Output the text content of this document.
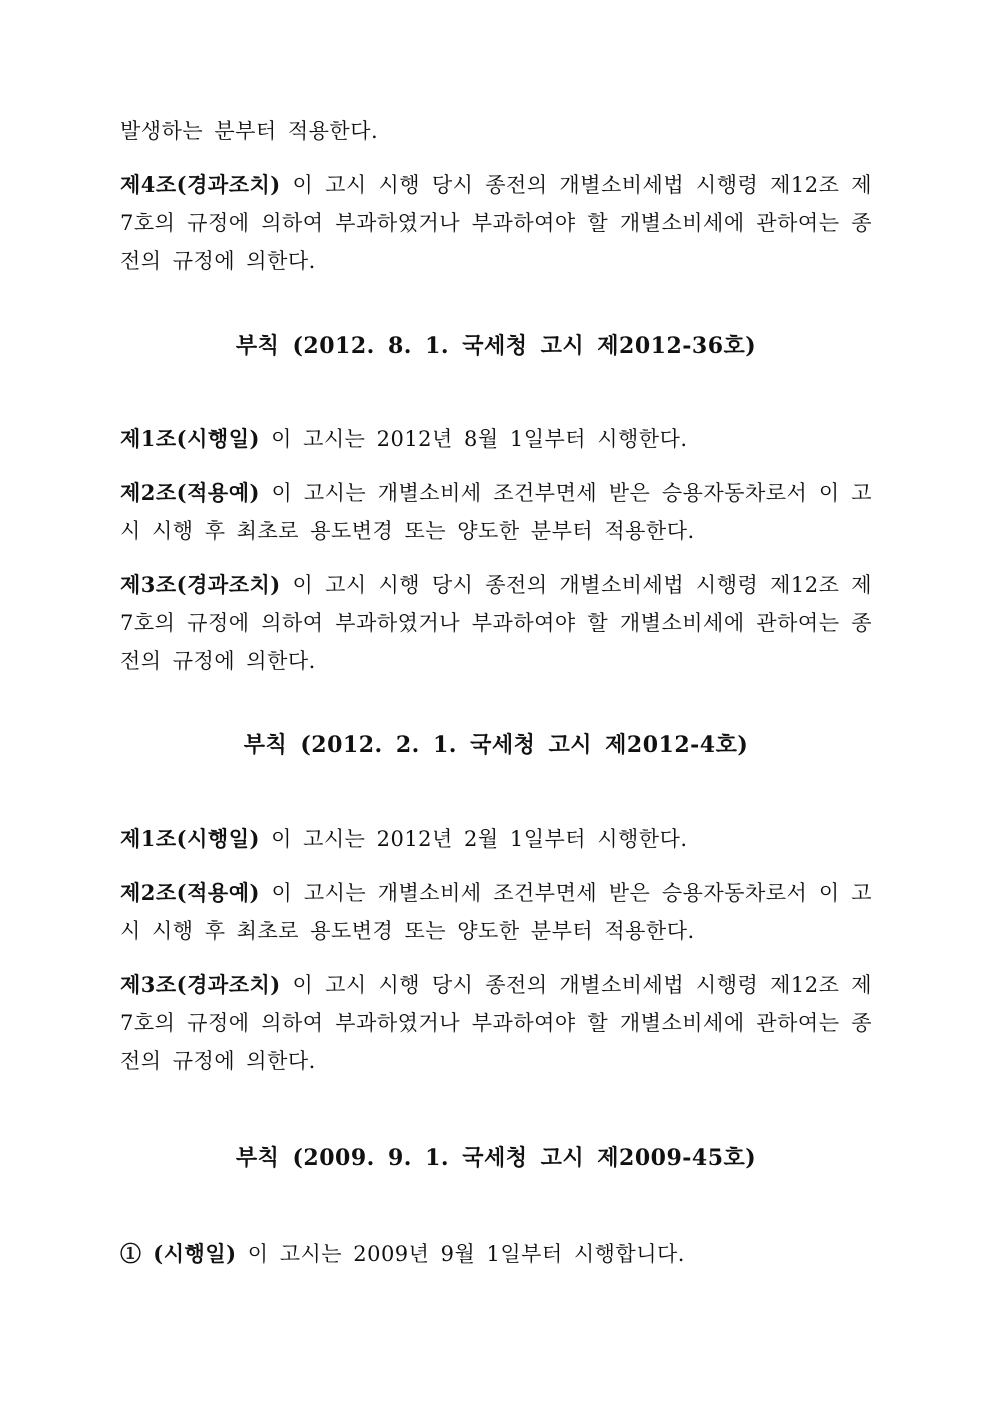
발생하는 분부터 적용한다.
제4조(경과조치) 이 고시 시행 당시 종전의 개별소비세법 시행령 제12조 제7호의 규정에 의하여 부과하였거나 부과하여야 할 개별소비세에 관하여는 종전의 규정에 의한다.
부칙 (2012. 8. 1. 국세청 고시 제2012-36호)
제1조(시행일) 이 고시는 2012년 8월 1일부터 시행한다.
제2조(적용예) 이 고시는 개별소비세 조건부면세 받은 승용자동차로서 이 고시 시행 후 최초로 용도변경 또는 양도한 분부터 적용한다.
제3조(경과조치) 이 고시 시행 당시 종전의 개별소비세법 시행령 제12조 제7호의 규정에 의하여 부과하였거나 부과하여야 할 개별소비세에 관하여는 종전의 규정에 의한다.
부칙 (2012. 2. 1. 국세청 고시 제2012-4호)
제1조(시행일) 이 고시는 2012년 2월 1일부터 시행한다.
제2조(적용예) 이 고시는 개별소비세 조건부면세 받은 승용자동차로서 이 고시 시행 후 최초로 용도변경 또는 양도한 분부터 적용한다.
제3조(경과조치) 이 고시 시행 당시 종전의 개별소비세법 시행령 제12조 제7호의 규정에 의하여 부과하였거나 부과하여야 할 개별소비세에 관하여는 종전의 규정에 의한다.
부칙 (2009. 9. 1. 국세청 고시 제2009-45호)
① (시행일) 이 고시는 2009년 9월 1일부터 시행합니다.
